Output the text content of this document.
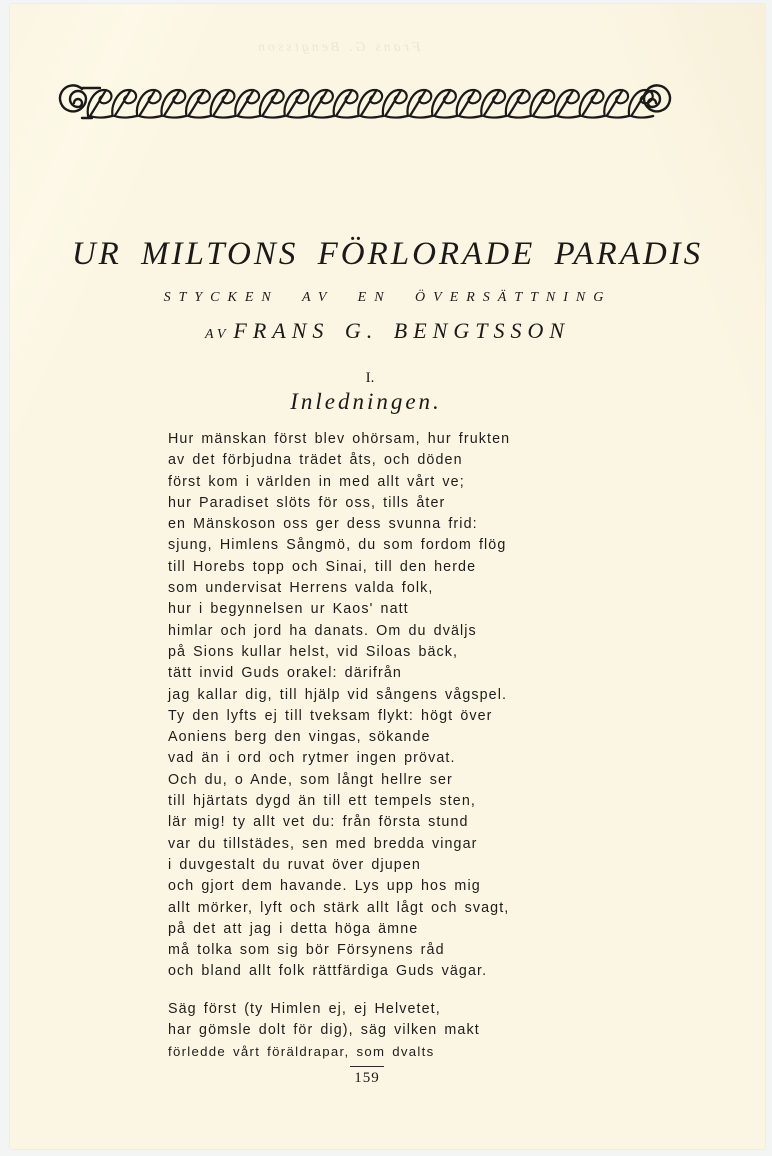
Frans G. Bengtsson
UR MILTONS FÖRLORADE PARADIS
STYCKEN AV EN ÖVERSÄTTNING
AV FRANS G. BENGTSSON
I.
Inledningen.
Hur mänskan först blev ohörsam, hur frukten
av det förbjudna trädet åts, och döden
först kom i världen in med allt vårt ve;
hur Paradiset slöts för oss, tills åter
en Mänskoson oss ger dess svunna frid:
sjung, Himlens Sångmö, du som fordom flög
till Horebs topp och Sinai, till den herde
som undervisat Herrens valda folk,
hur i begynnelsen ur Kaos' natt
himlar och jord ha danats. Om du dväljs
på Sions kullar helst, vid Siloas bäck,
tätt invid Guds orakel: därifrån
jag kallar dig, till hjälp vid sångens vågspel.
Ty den lyfts ej till tveksam flykt: högt över
Aoniens berg den vingas, sökande
vad än i ord och rytmer ingen prövat.
Och du, o Ande, som långt hellre ser
till hjärtats dygd än till ett tempels sten,
lär mig! ty allt vet du: från första stund
var du tillstädes, sen med bredda vingar
i duvgestalt du ruvat över djupen
och gjort dem havande. Lys upp hos mig
allt mörker, lyft och stärk allt lågt och svagt,
på det att jag i detta höga ämne
må tolka som sig bör Försynens råd
och bland allt folk rättfärdiga Guds vägar.
Säg först (ty Himlen ej, ej Helvetet,
har gömsle dolt för dig), säg vilken makt
förledde vårt föräldrapar, som dvalts
159
